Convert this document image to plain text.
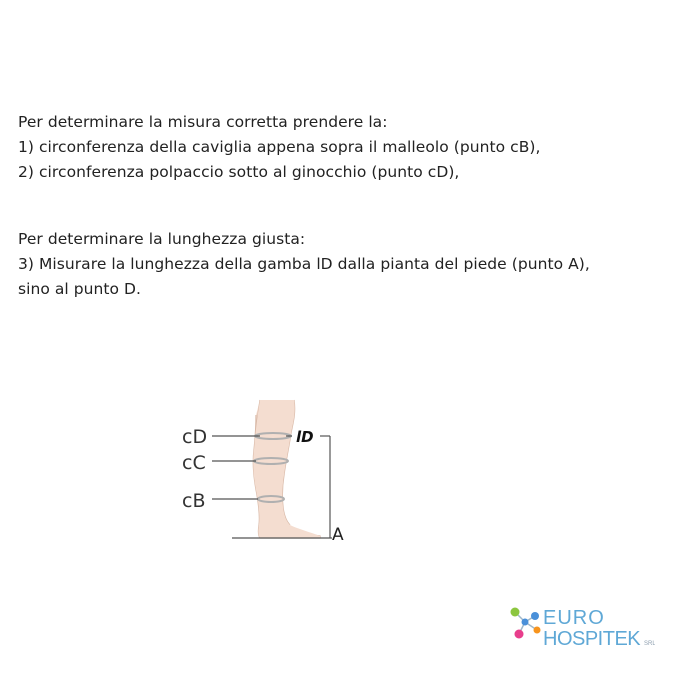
Per determinare la misura corretta prendere la:
1) circonferenza della caviglia appena sopra il malleolo (punto cB),
2) circonferenza polpaccio sotto al ginocchio (punto cD),
Per determinare la lunghezza giusta:
3) Misurare la lunghezza della gamba lD dalla pianta del piede (punto A),
sino al punto D.
cD
cC
cB
lD
A
EURO
HOSPITEK SRL
